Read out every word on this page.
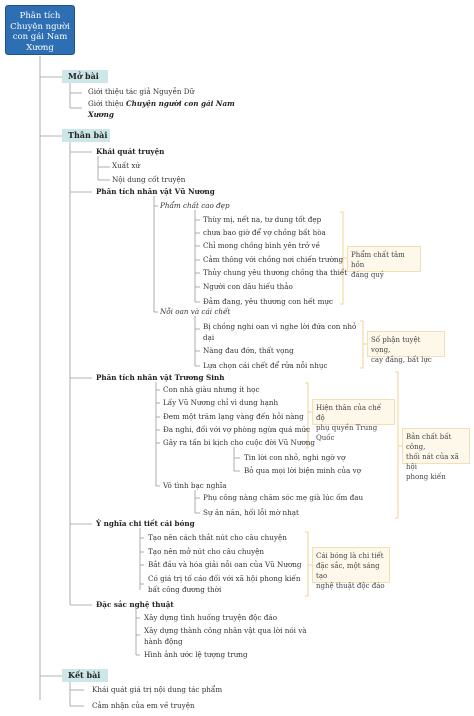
Phân tích
Chuyện người
con gái Nam
Xương
Mở bài
Giới thiệu tác giả Nguyễn Dữ
Giới thiệu Chuyện người con gái Nam
Xương
Thân bài
Khái quát truyện
Xuất xứ
Nội dung cốt truyện
Phân tích nhân vật Vũ Nương
Phẩm chất cao đẹp
Thùy mị, nết na, tư dung tốt đẹp
chưa bao giờ để vợ chồng bất hòa
Chỉ mong chồng bình yên trở về
Cảm thông với chồng nơi chiến trường
Thủy chung yêu thương chồng tha thiết
Người con dâu hiếu thảo
Đảm đang, yêu thương con hết mực
Phẩm chất tâm hồn
đáng quý
Nỗi oan và cái chết
Bị chồng nghi oan vì nghe lời đứa con nhỏ
dại
Nàng đau đớn, thất vọng
Lựa chọn cái chết để rửa nỗi nhục
Số phận tuyệt vọng,
cay đắng, bất lực
Phân tích nhân vật Trương Sinh
Con nhà giàu nhưng ít học
Lấy Vũ Nương chỉ vì dung hạnh
Đem một trăm lạng vàng đến hỏi nàng
Đa nghi, đối với vợ phòng ngừa quá mức
Gây ra tấn bi kịch cho cuộc đời Vũ Nương
Tin lời con nhỏ, nghi ngờ vợ
Bỏ qua mọi lời biện minh của vợ
Vô tình bạc nghĩa
Phụ công nàng chăm sóc mẹ già lúc ốm đau
Sự ăn năn, hối lỗi mờ nhạt
Hiện thân của chế độ
phụ quyền Trung Quốc	Bản chất bất công,
thối nát của xã hội
phong kiến
Ý nghĩa chi tiết cái bóng
Tạo nên cách thắt nút cho câu chuyện
Tạo nên mở nút cho câu chuyện
Bắt đầu và hóa giải nỗi oan của Vũ Nương
Có giá trị tố cáo đối với xã hội phong kiến
bất công đương thời
Cái bóng là chi tiết
đặc sắc, một sáng tạo
nghệ thuật độc đáo
Đặc sắc nghệ thuật
Xây dựng tình huống truyện độc đáo
Xây dựng thành công nhân vật qua lời nói và
hành động
Hình ảnh ước lệ tượng trưng
Kết bài
Khái quát giá trị nội dung tác phẩm
Cảm nhận của em về truyện
